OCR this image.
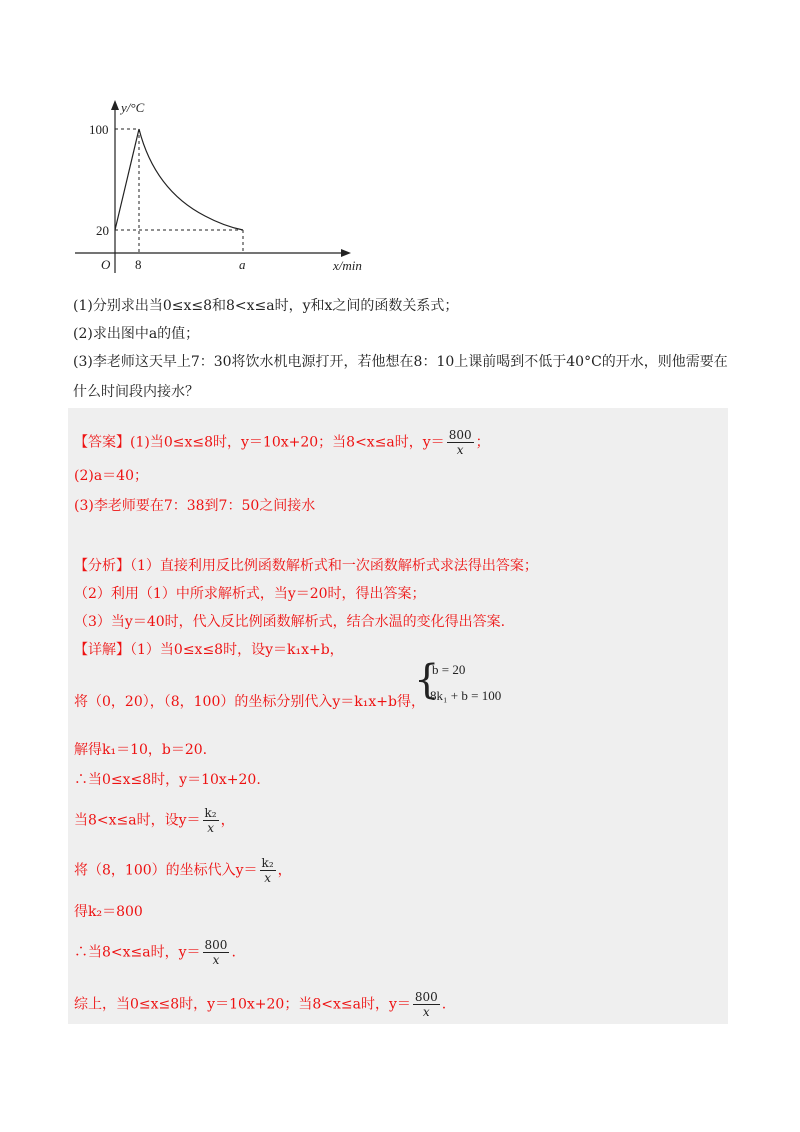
y/°C
x/min
O
100
20
8	a
(1)分别求出当0≤x≤8和8<x≤a时，y和x之间的函数关系式；
(2)求出图中a的值；
(3)李老师这天早上7：30将饮水机电源打开，若他想在8：10上课前喝到不低于40°C的开水，则他需要在
什么时间段内接水？
【答案】(1)当0≤x≤8时，y＝10x+20；当8<x≤a时，$y= \frac{800}{x}$ ；
(2)a＝40；
(3)李老师要在7：38到7：50之间接水
【分析】（1）直接利用反比例函数解析式和一次函数解析式求法得出答案；
（2）利用（1）中所求解析式，当y＝20时，得出答案；
（3）当y＝40时，代入反比例函数解析式，结合水温的变化得出答案.
【详解】（1）当0≤x≤8时，设y＝k₁x+b，
将（0，20），（8，100）的坐标分别代入y＝k₁x+b得，
{
b = 20
8k₁ + b = 100
解得k₁＝10，b＝20.
∴当0≤x≤8时，y＝10x+20.
当8<x≤a时，设$y= \frac{\text{k₂}}{x}$ ，
将（8，100）的坐标代入$y= \frac{\text{k₂}}{x}$ ，
得k₂＝800
∴当8<x≤a时，$y= \frac{800}{x}$ .
综上，当0≤x≤8时，y＝10x+20；当8<x≤a时，$y= \frac{800}{x}$ .
